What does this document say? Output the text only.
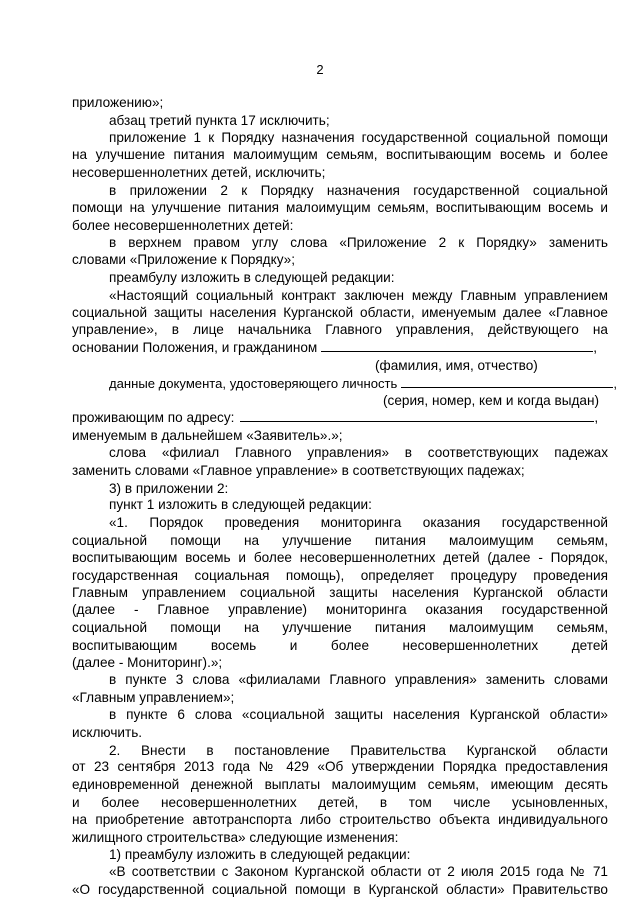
2
приложению»;
абзац третий пункта 17 исключить;
приложение 1 к Порядку назначения государственной социальной помощи
на улучшение питания малоимущим семьям, воспитывающим восемь и более
несовершеннолетних детей, исключить;
в приложении 2 к Порядку назначения государственной социальной
помощи на улучшение питания малоимущим семьям, воспитывающим восемь и
более несовершеннолетних детей:
в верхнем правом углу слова «Приложение 2 к Порядку» заменить
словами «Приложение к Порядку»;
преамбулу изложить в следующей редакции:
«Настоящий социальный контракт заключен между Главным управлением
социальной защиты населения Курганской области, именуемым далее «Главное
управление», в лице начальника Главного управления, действующего на
основании Положения, и гражданином	,
(фамилия, имя, отчество)
данные документа, удостоверяющего личность	,
(серия, номер, кем и когда выдан)
проживающим по адресу:	,
именуемым в дальнейшем «Заявитель».»;
слова «филиал Главного управления» в соответствующих падежах
заменить словами «Главное управление» в соответствующих падежах;
3) в приложении 2:
пункт 1 изложить в следующей редакции:
«1. Порядок проведения мониторинга оказания государственной
социальной помощи на улучшение питания малоимущим семьям,
воспитывающим восемь и более несовершеннолетних детей (далее - Порядок,
государственная социальная помощь), определяет процедуру проведения
Главным управлением социальной защиты населения Курганской области
(далее - Главное управление) мониторинга оказания государственной
социальной помощи на улучшение питания малоимущим семьям,
воспитывающим восемь и более несовершеннолетних детей
(далее - Мониторинг).»;
в пункте 3 слова «филиалами Главного управления» заменить словами
«Главным управлением»;
в пункте 6 слова «социальной защиты населения Курганской области»
исключить.
2. Внести в постановление Правительства Курганской области
от 23 сентября 2013 года № 429 «Об утверждении Порядка предоставления
единовременной денежной выплаты малоимущим семьям, имеющим десять
и более несовершеннолетних детей, в том числе усыновленных,
на приобретение автотранспорта либо строительство объекта индивидуального
жилищного строительства» следующие изменения:
1) преамбулу изложить в следующей редакции:
«В соответствии с Законом Курганской области от 2 июля 2015 года № 71
«О государственной социальной помощи в Курганской области» Правительство
